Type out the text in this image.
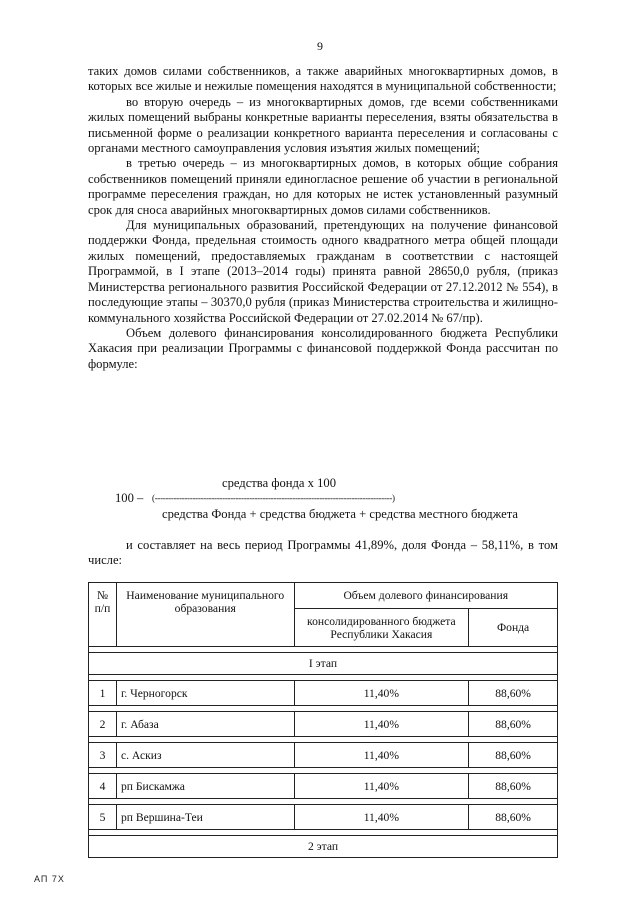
9

таких домов силами собственников, а также аварийных многоквартирных домов, в которых все жилые и нежилые помещения находятся в муниципальной собственности;

во вторую очередь – из многоквартирных домов, где всеми собственниками жилых помещений выбраны конкретные варианты переселения, взяты обязательства в письменной форме о реализации конкретного варианта переселения и согласованы с органами местного самоуправления условия изъятия жилых помещений;

в третью очередь – из многоквартирных домов, в которых общие собрания собственников помещений приняли единогласное решение об участии в региональной программе переселения граждан, но для которых не истек установленный разумный срок для сноса аварийных многоквартирных домов силами собственников.

Для муниципальных образований, претендующих на получение финансовой поддержки Фонда, предельная стоимость одного квадратного метра общей площади жилых помещений, предоставляемых гражданам в соответствии с настоящей Программой, в I этапе (2013–2014 годы) принята равной 28650,0 рубля, (приказ Министерства регионального развития Российской Федерации от 27.12.2012 № 554), в последующие этапы – 30370,0 рубля (приказ Министерства строительства и жилищно-коммунального хозяйства Российской Федерации от 27.02.2014 № 67/пр).

Объем долевого финансирования консолидированного бюджета Республики Хакасия при реализации Программы с финансовой поддержкой Фонда рассчитан по формуле:

средства фонда х 100
100 – (----------------------------------------------------------------------------------------)
средства Фонда + средства бюджета + средства местного бюджета

и составляет на весь период Программы 41,89%, доля Фонда – 58,11%, в том числе:

№ п/п	Наименование муниципального образования	Объем долевого финансирования	
		консолидированного бюджета Республики Хакасия	Фонда

I этап			

1	г. Черногорск	11,40%	88,60%

2	г. Абаза	11,40%	88,60%

3	с. Аскиз	11,40%	88,60%

4	рп Бискамжа	11,40%	88,60%

5	рп Вершина-Теи	11,40%	88,60%

2 этап			
АП 7Х
